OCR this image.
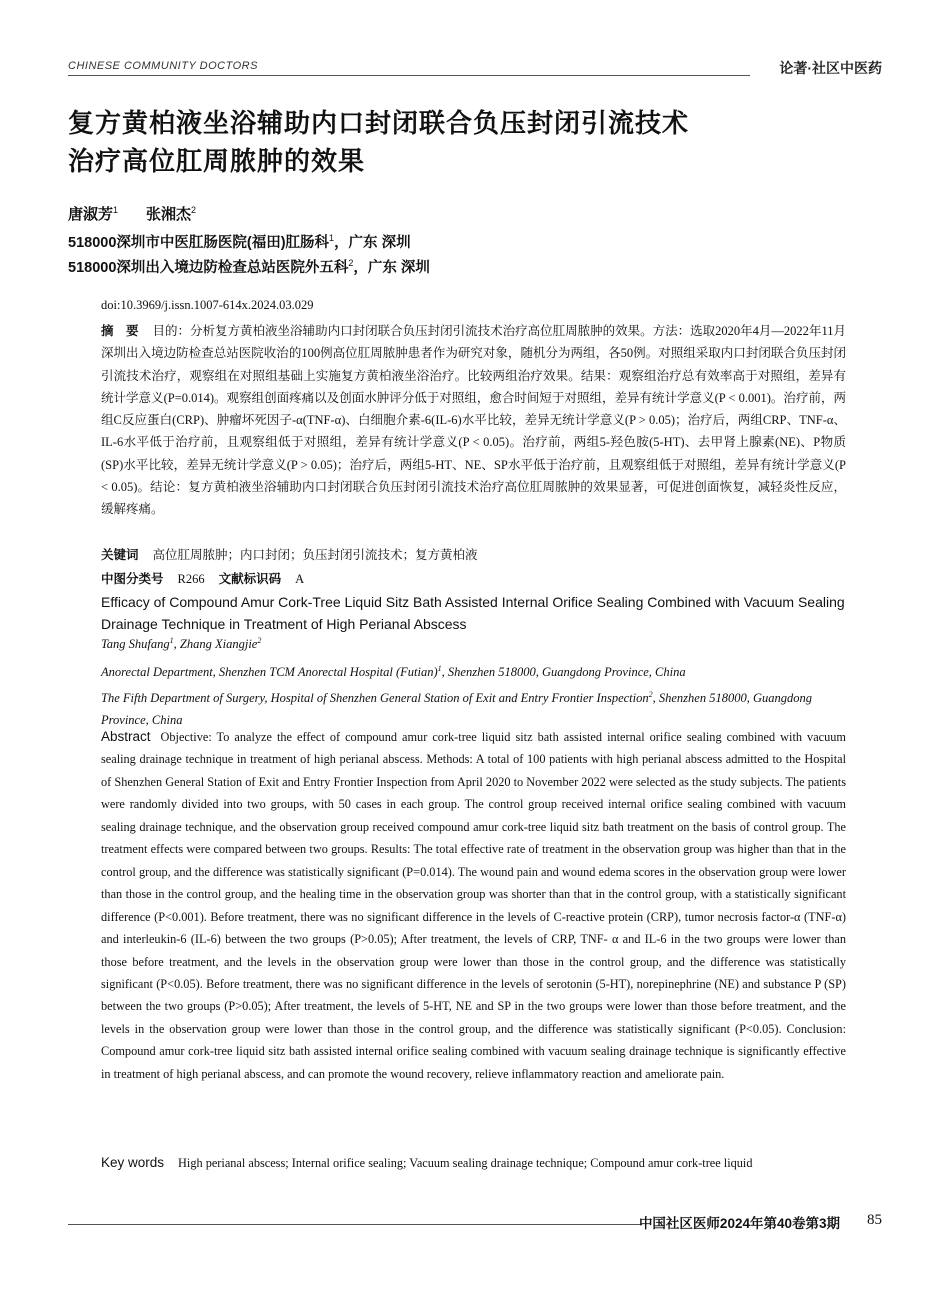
CHINESE COMMUNITY DOCTORS	论著·社区中医药
复方黄柏液坐浴辅助内口封闭联合负压封闭引流技术
治疗高位肛周脓肿的效果
唐淑芳$^1$ 张湘杰$^2$
518000深圳市中医肛肠医院(福田)肛肠科$^1$，广东 深圳
518000深圳出入境边防检查总站医院外五科$^2$，广东 深圳
doi:10.3969/j.issn.1007-614x.2024.03.029
摘　要 目的：分析复方黄柏液坐浴辅助内口封闭联合负压封闭引流技术治疗高位肛周脓肿的效果。方法：选取2020年4月—2022年11月深圳出入境边防检查总站医院收治的100例高位肛周脓肿患者作为研究对象，随机分为两组，各50例。对照组采取内口封闭联合负压封闭引流技术治疗，观察组在对照组基础上实施复方黄柏液坐浴治疗。比较两组治疗效果。结果：观察组治疗总有效率高于对照组，差异有统计学意义(P=0.014)。观察组创面疼痛以及创面水肿评分低于对照组，愈合时间短于对照组，差异有统计学意义(P < 0.001)。治疗前，两组C反应蛋白(CRP)、肿瘤坏死因子-α(TNF-α)、白细胞介素-6(IL-6)水平比较，差异无统计学意义(P > 0.05)；治疗后，两组CRP、TNF-α、IL-6水平低于治疗前，且观察组低于对照组，差异有统计学意义(P < 0.05)。治疗前，两组5-羟色胺(5-HT)、去甲肾上腺素(NE)、P物质(SP)水平比较，差异无统计学意义(P > 0.05)；治疗后，两组5-HT、NE、SP水平低于治疗前，且观察组低于对照组，差异有统计学意义(P < 0.05)。结论：复方黄柏液坐浴辅助内口封闭联合负压封闭引流技术治疗高位肛周脓肿的效果显著，可促进创面恢复，减轻炎性反应，缓解疼痛。
关键词 高位肛周脓肿；内口封闭；负压封闭引流技术；复方黄柏液
中图分类号 R266 文献标识码 A
Efficacy of Compound Amur Cork-Tree Liquid Sitz Bath Assisted Internal Orifice Sealing Combined with Vacuum Sealing Drainage Technique in Treatment of High Perianal Abscess
Tang Shufang$^1$, Zhang Xiangjie$^2$
Anorectal Department, Shenzhen TCM Anorectal Hospital (Futian)$^1$, Shenzhen 518000, Guangdong Province, China
The Fifth Department of Surgery, Hospital of Shenzhen General Station of Exit and Entry Frontier Inspection$^2$, Shenzhen 518000, Guangdong Province, China
Abstract Objective: To analyze the effect of compound amur cork-tree liquid sitz bath assisted internal orifice sealing combined with vacuum sealing drainage technique in treatment of high perianal abscess. Methods: A total of 100 patients with high perianal abscess admitted to the Hospital of Shenzhen General Station of Exit and Entry Frontier Inspection from April 2020 to November 2022 were selected as the study subjects. The patients were randomly divided into two groups, with 50 cases in each group. The control group received internal orifice sealing combined with vacuum sealing drainage technique, and the observation group received compound amur cork-tree liquid sitz bath treatment on the basis of control group. The treatment effects were compared between two groups. Results: The total effective rate of treatment in the observation group was higher than that in the control group, and the difference was statistically significant (P=0.014). The wound pain and wound edema scores in the observation group were lower than those in the control group, and the healing time in the observation group was shorter than that in the control group, with a statistically significant difference (P<0.001). Before treatment, there was no significant difference in the levels of C-reactive protein (CRP), tumor necrosis factor-α (TNF-α) and interleukin-6 (IL-6) between the two groups (P>0.05); After treatment, the levels of CRP, TNF- α and IL-6 in the two groups were lower than those before treatment, and the levels in the observation group were lower than those in the control group, and the difference was statistically significant (P<0.05). Before treatment, there was no significant difference in the levels of serotonin (5-HT), norepinephrine (NE) and substance P (SP) between the two groups (P>0.05); After treatment, the levels of 5-HT, NE and SP in the two groups were lower than those before treatment, and the levels in the observation group were lower than those in the control group, and the difference was statistically significant (P<0.05). Conclusion: Compound amur cork-tree liquid sitz bath assisted internal orifice sealing combined with vacuum sealing drainage technique is significantly effective in treatment of high perianal abscess, and can promote the wound recovery, relieve inflammatory reaction and ameliorate pain.
Key words High perianal abscess; Internal orifice sealing; Vacuum sealing drainage technique; Compound amur cork-tree liquid
中国社区医师2024年第40卷第3期 85
